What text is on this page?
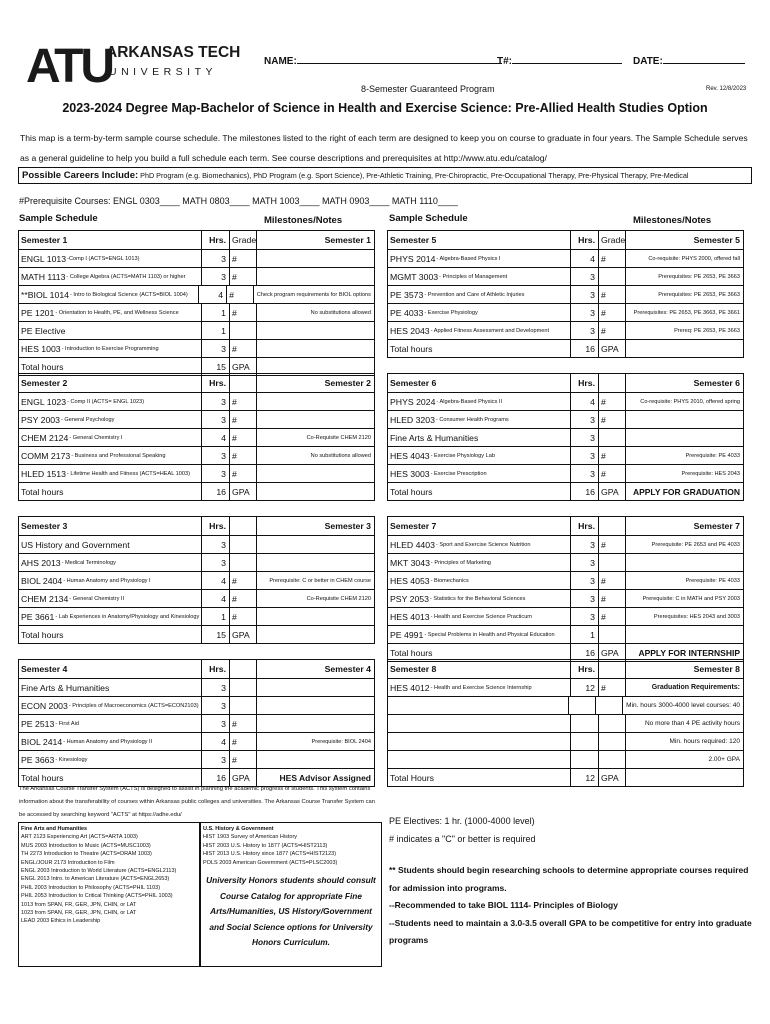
ATU
ARKANSAS TECH
UNIVERSITY
NAME:	T#:	DATE:
8-Semester Guaranteed Program	Rev. 12/8/2023
2023-2024 Degree Map-Bachelor of Science in Health and Exercise Science: Pre-Allied Health Studies Option
This map is a term-by-term sample course schedule. The milestones listed to the right of each term are designed to keep you on course to graduate in four years. The Sample Schedule serves as a general guideline to help you build a full schedule each term. See course descriptions and prerequisites at http://www.atu.edu/catalog/
Possible Careers Include: PhD Program (e.g. Biomechanics), PhD Program (e.g. Sport Science), Pre-Athletic Training, Pre-Chiropractic, Pre-Occupational Therapy, Pre-Physical Therapy, Pre-Medical
#Prerequisite Courses: ENGL 0303____ MATH 0803____ MATH 1003____ MATH 0903____ MATH 1110____
Sample Schedule	Milestones/Notes	Sample Schedule	Milestones/Notes
Semester 1	Hrs. Grade	Semester 1
ENGL 1013 -Comp I (ACTS=ENGL 1013)	3 #
MATH 1113 - College Algebra (ACTS=MATH 1103) or higher	3 #
**BIOL 1014 - Intro to Biological Science (ACTS=BIOL 1004)	4 #	Check program requirements for BIOL options
PE 1201 - Orientation to Health, PE, and Wellness Science	1 #	No substitutions allowed
PE Elective	1
HES 1003 - Introduction to Exercise Programming	3 #
Total hours	15 GPA
Semester 2	Hrs.	Semester 2
ENGL 1023 - Comp II (ACTS= ENGL 1023)	3 #
PSY 2003 - General Psychology	3 #
CHEM 2124 - General Chemistry I	4 #	Co-Requisite CHEM 2120
COMM 2173 - Business and Professional Speaking	3 #	No substitutions allowed
HLED 1513 - Lifetime Health and Fitness (ACTS=HEAL 1003)	3 #
Total hours	16 GPA
Semester 3	Hrs.	Semester 3
US History and Government	3
AHS 2013 - Medical Terminology	3
BIOL 2404 - Human Anatomy and Physiology I	4 #	Prerequisite: C or better in CHEM course
CHEM 2134 - General Chemistry II	4 #	Co-Requisite CHEM 2120
PE 3661 - Lab Experiences in Anatomy/Physiology and Kinesiology	1 #
Total hours	15 GPA
Semester 4	Hrs.	Semester 4
Fine Arts & Humanities	3
ECON 2003 - Principles of Macroeconomics (ACTS=ECON2103)	3
PE 2513 - First Aid	3 #
BIOL 2414 - Human Anatomy and Physiology II	4 #	Prerequisite: BIOL 2404
PE 3663 - Kinesiology	3 #
Total hours	16 GPA	HES Advisor Assigned
Semester 5	Hrs. Grade	Semester 5
PHYS 2014 - Algebra-Based Physics I	4 #	Co-requisite: PHYS 2000, offered fall
MGMT 3003 - Principles of Management	3	Prerequisites: PE 2653, PE 3663
PE 3573 - Prevention and Care of Athletic Injuries	3 #	Prerequisites: PE 2653, PE 3663
PE 4033 - Exercise Physiology	3 #	Prerequisites: PE 2653, PE 3663, PE 3661
HES 2043 - Applied Fitness Assessment and Development	3 #	Prereq: PE 2653, PE 3663
Total hours	16 GPA
Semester 6	Hrs.	Semester 6
PHYS 2024 - Algebra-Based Physics II	4 #	Co-requisite: PHYS 2010, offered spring
HLED 3203 - Consumer Health Programs	3 #
Fine Arts & Humanities	3
HES 4043 - Exercise Physiology Lab	3 #	Prerequisite: PE 4033
HES 3003 - Exercise Prescription	3 #	Prerequisite: HES 2043
Total hours	16 GPA	APPLY FOR GRADUATION
Semester 7	Hrs.	Semester 7
HLED 4403 - Sport and Exercise Science Nutrition	3 #	Prerequisite: PE 2653 and PE 4033
MKT 3043 - Principles of Marketing	3
HES 4053 - Biomechanics	3 #	Prerequisite: PE 4033
PSY 2053 - Statistics for the Behavioral Sciences	3 #	Prerequisite: C in MATH and PSY 2003
HES 4013 - Health and Exercise Science Practicum	3 #	Prerequisites: HES 2043 and 3003
PE 4991 - Special Problems in Health and Physical Education	1
Total hours	16 GPA	APPLY FOR INTERNSHIP
Semester 8	Hrs.	Semester 8
HES 4012 - Health and Exercise Science Internship	12 #	Graduation Requirements:
Min. hours 3000-4000 level courses: 40
No more than 4 PE activity hours
Min. hours required: 120
2.00+ GPA
Total Hours	12 GPA
The Arkansas Course Transfer System (ACTS) is designed to assist in planning the academic progress of students. This system contains information about the transferability of courses within Arkansas public colleges and universities. The Arkansas Course Transfer System can be accessed by searching keyword "ACTS" at https://adhe.edu/
Fine Arts and Humanities
ART 2123 Experiencing Art (ACTS=ARTA 1003)
MUS 2003 Introduction to Music (ACTS=MUSC1003)
TH 2273 Introduction to Theatre (ACTS=DRAM 1003)
ENGL/JOUR 2173 Introduction to Film
ENGL 2003 Introduction to World Literature (ACTS=ENGL2113)
ENGL 2013 Intro. to American Literature (ACTS=ENGL2653)
PHIL 2003 Introduction to Philosophy (ACTS=PHIL 1103)
PHIL 2053 Introduction to Critical Thinking (ACTS=PHIL 1003)
1013 from SPAN, FR, GER, JPN, CHIN, or LAT
1023 from SPAN, FR, GER, JPN, CHIN, or LAT
LEAD 2003 Ethics in Leadership
U.S. History & Government
HIST 1903 Survey of American History
HIST 2003 U.S. History to 1877 (ACTS=HIST2113)
HIST 2013 U.S. History since 1877 (ACTS=HIST2123)
POLS 2003 American Government (ACTS=PLSC2003)
University Honors students should consult Course Catalog for appropriate Fine Arts/Humanities, US History/Government and Social Science options for University Honors Curriculum.
PE Electives: 1 hr. (1000-4000 level)
# indicates a "C" or better is required
** Students should begin researching schools to determine appropriate courses required for admission into programs.
--Recommended to take BIOL 1114- Principles of Biology
--Students need to maintain a 3.0-3.5 overall GPA to be competitive for entry into graduate programs
